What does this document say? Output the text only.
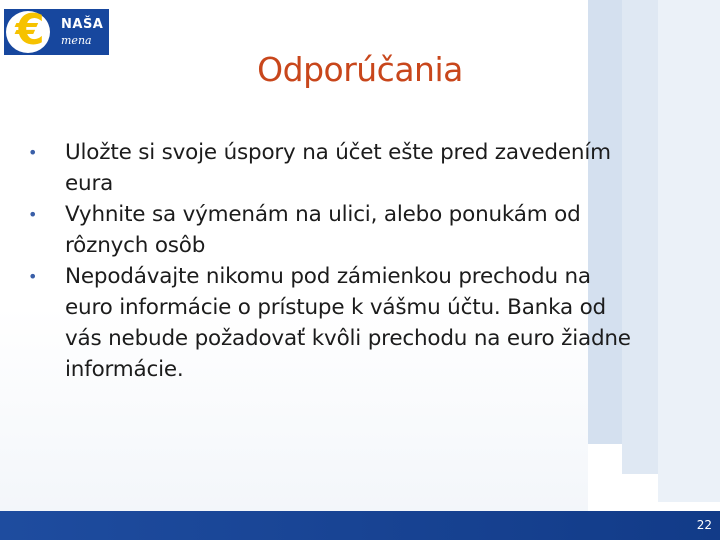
€	NAŠA
mena
Odporúčania
• Uložte si svoje úspory na účet ešte pred zavedením eura
• Vyhnite sa výmenám na ulici, alebo ponukám od rôznych osôb
• Nepodávajte nikomu pod zámienkou prechodu na euro informácie o prístupe k vášmu účtu. Banka od vás nebude požadovať kvôli prechodu na euro žiadne informácie.
22
